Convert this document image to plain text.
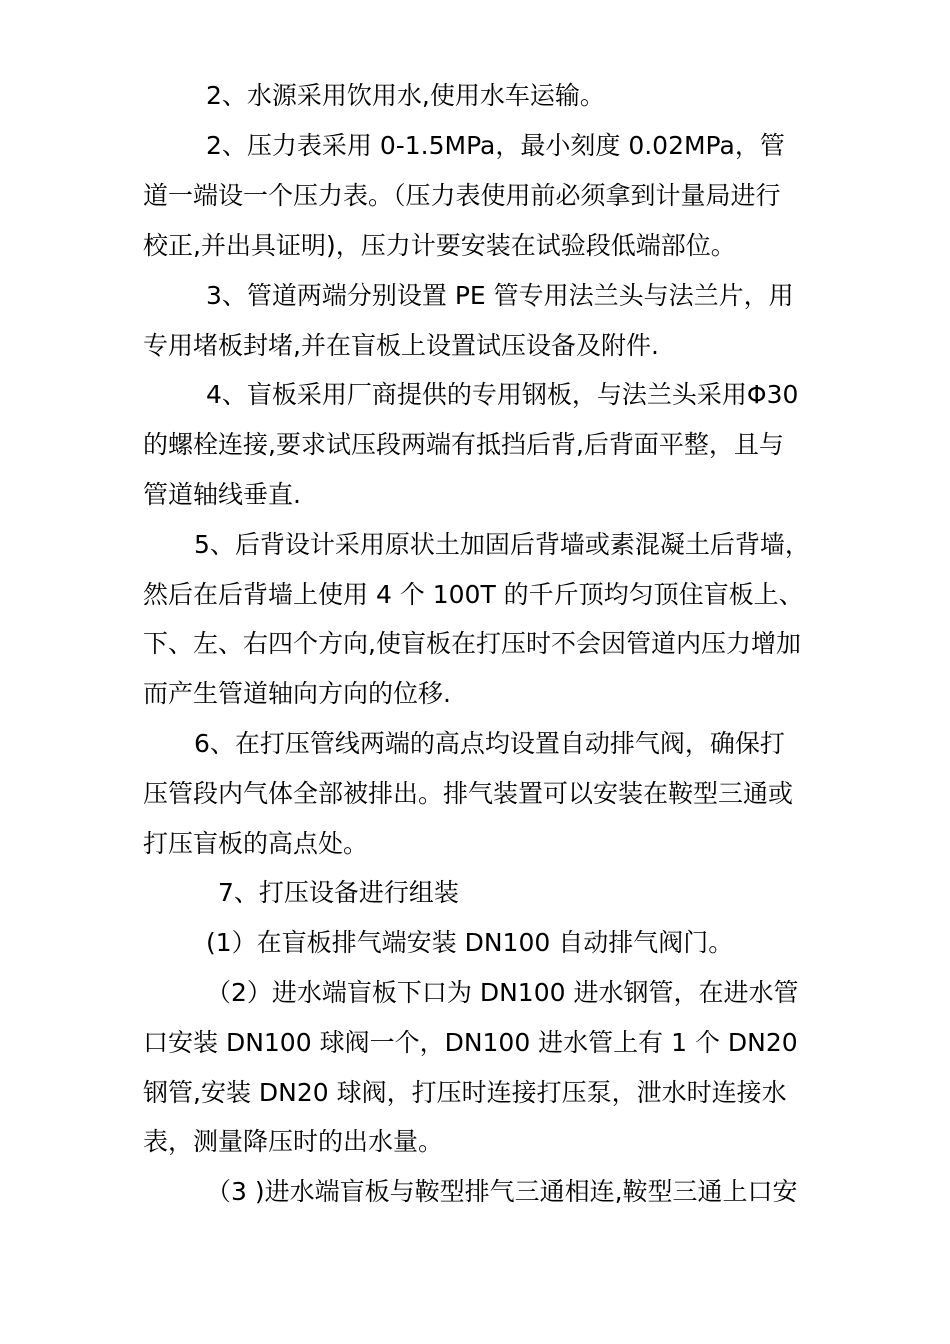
2、水源采用饮用水,使用水车运输。
2、压力表采用 0-1.5MPa，最小刻度 0.02MPa，管
道一端设一个压力表。（压力表使用前必须拿到计量局进行
校正,并出具证明)，压力计要安装在试验段低端部位。
3、管道两端分别设置 PE 管专用法兰头与法兰片，用
专用堵板封堵,并在盲板上设置试压设备及附件.
4、盲板采用厂商提供的专用钢板，与法兰头采用Φ30
的螺栓连接,要求试压段两端有抵挡后背,后背面平整，且与
管道轴线垂直.
5、后背设计采用原状土加固后背墙或素混凝土后背墙，
然后在后背墙上使用 4 个 100T 的千斤顶均匀顶住盲板上、
下、左、右四个方向,使盲板在打压时不会因管道内压力增加
而产生管道轴向方向的位移.
6、在打压管线两端的高点均设置自动排气阀，确保打
压管段内气体全部被排出。排气装置可以安装在鞍型三通或
打压盲板的高点处。
7、打压设备进行组装
(1）在盲板排气端安装 DN100 自动排气阀门。
（2）进水端盲板下口为 DN100 进水钢管，在进水管
口安装 DN100 球阀一个，DN100 进水管上有 1 个 DN20
钢管,安装 DN20 球阀，打压时连接打压泵，泄水时连接水
表，测量降压时的出水量。
（3 )进水端盲板与鞍型排气三通相连,鞍型三通上口安
